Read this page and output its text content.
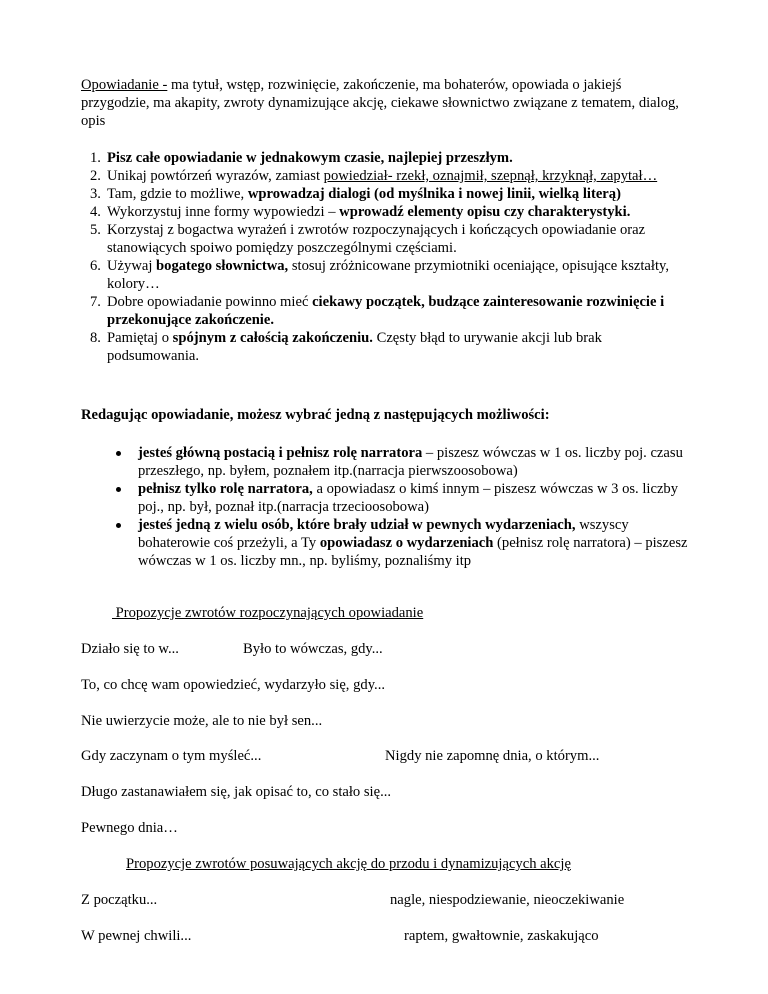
Opowiadanie - ma tytuł, wstęp, rozwinięcie, zakończenie, ma bohaterów, opowiada o jakiejś przygodzie, ma akapity, zwroty dynamizujące akcję, ciekawe słownictwo związane z tematem, dialog, opis
1. Pisz całe opowiadanie w jednakowym czasie, najlepiej przeszłym.
2. Unikaj powtórzeń wyrazów, zamiast powiedział- rzekł, oznajmił, szepnął, krzyknął, zapytał…
3. Tam, gdzie to możliwe, wprowadzaj dialogi (od myślnika i nowej linii, wielką literą)
4. Wykorzystuj inne formy wypowiedzi – wprowadź elementy opisu czy charakterystyki.
5. Korzystaj z bogactwa wyrażeń i zwrotów rozpoczynających i kończących opowiadanie oraz stanowiących spoiwo pomiędzy poszczególnymi częściami.
6. Używaj bogatego słownictwa, stosuj zróżnicowane przymiotniki oceniające, opisujące kształty, kolory…
7. Dobre opowiadanie powinno mieć ciekawy początek, budzące zainteresowanie rozwinięcie i przekonujące zakończenie.
8. Pamiętaj o spójnym z całością zakończeniu. Częsty błąd to urywanie akcji lub brak podsumowania.
Redagując opowiadanie, możesz wybrać jedną z następujących możliwości:
jesteś główną postacią i pełnisz rolę narratora – piszesz wówczas w 1 os. liczby poj. czasu przeszłego, np. byłem, poznałem itp.(narracja pierwszoosobowa)
pełnisz tylko rolę narratora, a opowiadasz o kimś innym – piszesz wówczas w 3 os. liczby poj., np. był, poznał itp.(narracja trzecioosobowa)
jesteś jedną z wielu osób, które brały udział w pewnych wydarzeniach, wszyscy bohaterowie coś przeżyli, a Ty opowiadasz o wydarzeniach (pełnisz rolę narratora) – piszesz wówczas w 1 os. liczby mn., np. byliśmy, poznaliśmy itp
Propozycje zwrotów rozpoczynających opowiadanie
Działo się to w...	Było to wówczas, gdy...
To, co chcę wam opowiedzieć, wydarzyło się, gdy...
Nie uwierzycie może, ale to nie był sen...
Gdy zaczynam o tym myśleć...	Nigdy nie zapomnę dnia, o którym...
Długo zastanawiałem się, jak opisać to, co stało się...
Pewnego dnia…
Propozycje zwrotów posuwających akcję do przodu i dynamizujących akcję
Z początku...	nagle, niespodziewanie, nieoczekiwanie
W pewnej chwili...	raptem, gwałtownie, zaskakująco
